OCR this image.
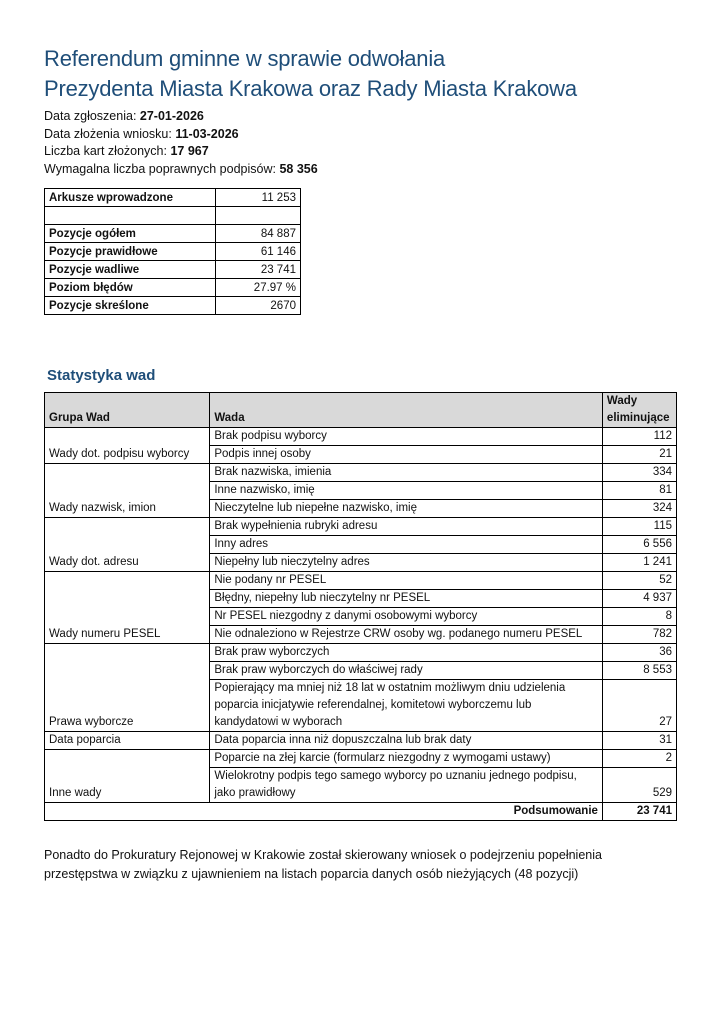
Referendum gminne w sprawie odwołania
Prezydenta Miasta Krakowa oraz Rady Miasta Krakowa
Data zgłoszenia: 27-01-2026
Data złożenia wniosku: 11-03-2026
Liczba kart złożonych: 17 967
Wymagalna liczba poprawnych podpisów: 58 356
Arkusze wprowadzone	11 253

Pozycje ogółem	84 887
Pozycje prawidłowe	61 146
Pozycje wadliwe	23 741
Poziom błędów	27.97 %
Pozycje skreślone	2670
Statystyka wad
Grupa Wad	Wada	Wady
eliminujące
Wady dot. podpisu wyborcy	Brak podpisu wyborcy	112
	Podpis innej osoby	21
Wady nazwisk, imion	Brak nazwiska, imienia	334
	Inne nazwisko, imię	81
	Nieczytelne lub niepełne nazwisko, imię	324
Wady dot. adresu	Brak wypełnienia rubryki adresu	115
	Inny adres	6 556
	Niepełny lub nieczytelny adres	1 241
Wady numeru PESEL	Nie podany nr PESEL	52
	Błędny, niepełny lub nieczytelny nr PESEL	4 937
	Nr PESEL niezgodny z danymi osobowymi wyborcy	8
	Nie odnaleziono w Rejestrze CRW osoby wg. podanego numeru PESEL	782
Prawa wyborcze	Brak praw wyborczych	36
	Brak praw wyborczych do właściwej rady	8 553
	Popierający ma mniej niż 18 lat w ostatnim możliwym dniu udzielenia poparcia inicjatywie referendalnej, komitetowi wyborczemu lub kandydatowi w wyborach	27
Data poparcia	Data poparcia inna niż dopuszczalna lub brak daty	31
Inne wady	Poparcie na złej karcie (formularz niezgodny z wymogami ustawy)	2
	Wielokrotny podpis tego samego wyborcy po uznaniu jednego podpisu, jako prawidłowy	529
Podsumowanie		23 741
Ponadto do Prokuratury Rejonowej w Krakowie został skierowany wniosek o podejrzeniu popełnienia przestępstwa w związku z ujawnieniem na listach poparcia danych osób nieżyjących (48 pozycji)
